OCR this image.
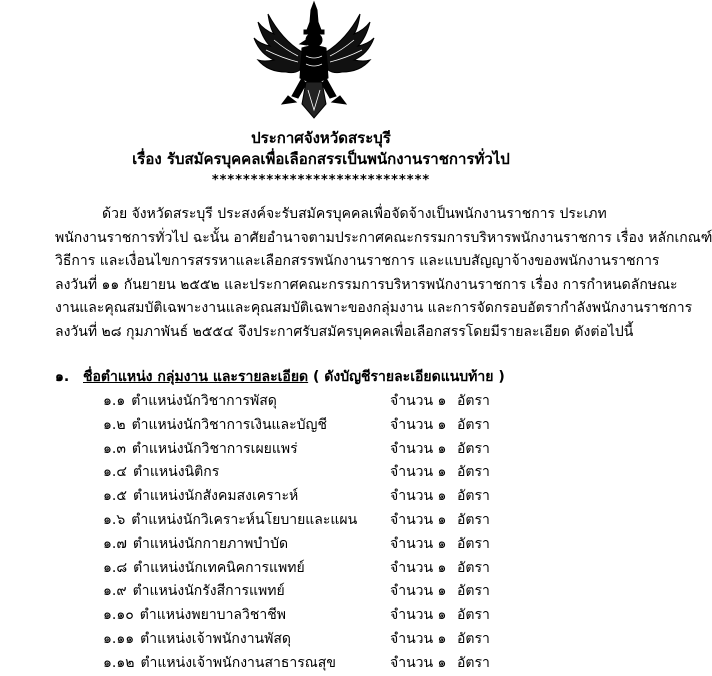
ประกาศจังหวัดสระบุรี
เรื่อง รับสมัครบุคคลเพื่อเลือกสรรเป็นพนักงานราชการทั่วไป
****************************
ด้วย จังหวัดสระบุรี ประสงค์จะรับสมัครบุคคลเพื่อจัดจ้างเป็นพนักงานราชการ ประเภท
พนักงานราชการทั่วไป ฉะนั้น อาศัยอำนาจตามประกาศคณะกรรมการบริหารพนักงานราชการ เรื่อง หลักเกณฑ์
วิธีการ และเงื่อนไขการสรรหาและเลือกสรรพนักงานราชการ และแบบสัญญาจ้างของพนักงานราชการ
ลงวันที่ ๑๑ กันยายน ๒๕๕๒ และประกาศคณะกรรมการบริหารพนักงานราชการ เรื่อง การกำหนดลักษณะ
งานและคุณสมบัติเฉพาะงานและคุณสมบัติเฉพาะของกลุ่มงาน และการจัดกรอบอัตรากำลังพนักงานราชการ
ลงวันที่ ๒๘ กุมภาพันธ์ ๒๕๕๔ จึงประกาศรับสมัครบุคคลเพื่อเลือกสรรโดยมีรายละเอียด ดังต่อไปนี้
๑. ชื่อตำแหน่ง กลุ่มงาน และรายละเอียด ( ดังบัญชีรายละเอียดแนบท้าย )
๑.๑ ตำแหน่งนักวิชาการพัสดุ	จำนวน ๑ อัตรา
๑.๒ ตำแหน่งนักวิชาการเงินและบัญชี	จำนวน ๑ อัตรา
๑.๓ ตำแหน่งนักวิชาการเผยแพร่	จำนวน ๑ อัตรา
๑.๔ ตำแหน่งนิติกร	จำนวน ๑ อัตรา
๑.๕ ตำแหน่งนักสังคมสงเคราะห์	จำนวน ๑ อัตรา
๑.๖ ตำแหน่งนักวิเคราะห์นโยบายและแผน จำนวน ๑ อัตรา
๑.๗ ตำแหน่งนักกายภาพบำบัด	จำนวน ๑ อัตรา
๑.๘ ตำแหน่งนักเทคนิคการแพทย์	จำนวน ๑ อัตรา
๑.๙ ตำแหน่งนักรังสีการแพทย์	จำนวน ๑ อัตรา
๑.๑๐ ตำแหน่งพยาบาลวิชาชีพ	จำนวน ๑ อัตรา
๑.๑๑ ตำแหน่งเจ้าพนักงานพัสดุ	จำนวน ๑ อัตรา
๑.๑๒ ตำแหน่งเจ้าพนักงานสาธารณสุข	จำนวน ๑ อัตรา
